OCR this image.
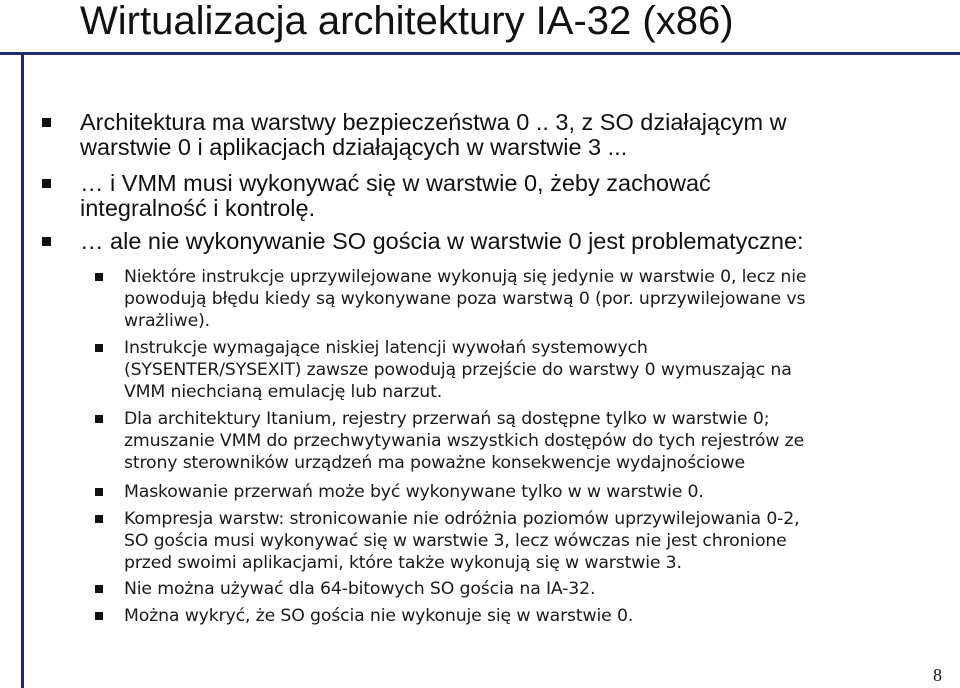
Wirtualizacja architektury IA-32 (x86)
Architektura ma warstwy bezpieczeństwa 0 .. 3, z SO działającym w
warstwie 0 i aplikacjach działających w warstwie 3 ...
… i VMM musi wykonywać się w warstwie 0, żeby zachować
integralność i kontrolę.
… ale nie wykonywanie SO gościa w warstwie 0 jest problematyczne:
Niektóre instrukcje uprzywilejowane wykonują się jedynie w warstwie 0, lecz nie
powodują błędu kiedy są wykonywane poza warstwą 0 (por. uprzywilejowane vs
wrażliwe).
Instrukcje wymagające niskiej latencji wywołań systemowych
(SYSENTER/SYSEXIT) zawsze powodują przejście do warstwy 0 wymuszając na
VMM niechcianą emulację lub narzut.
Dla architektury Itanium, rejestry przerwań są dostępne tylko w warstwie 0;
zmuszanie VMM do przechwytywania wszystkich dostępów do tych rejestrów ze
strony sterowników urządzeń ma poważne konsekwencje wydajnościowe
Maskowanie przerwań może być wykonywane tylko w w warstwie 0.
Kompresja warstw: stronicowanie nie odróżnia poziomów uprzywilejowania 0-2,
SO gościa musi wykonywać się w warstwie 3, lecz wówczas nie jest chronione
przed swoimi aplikacjami, które także wykonują się w warstwie 3.
Nie można używać dla 64-bitowych SO gościa na IA-32.
Można wykryć, że SO gościa nie wykonuje się w warstwie 0.
8
